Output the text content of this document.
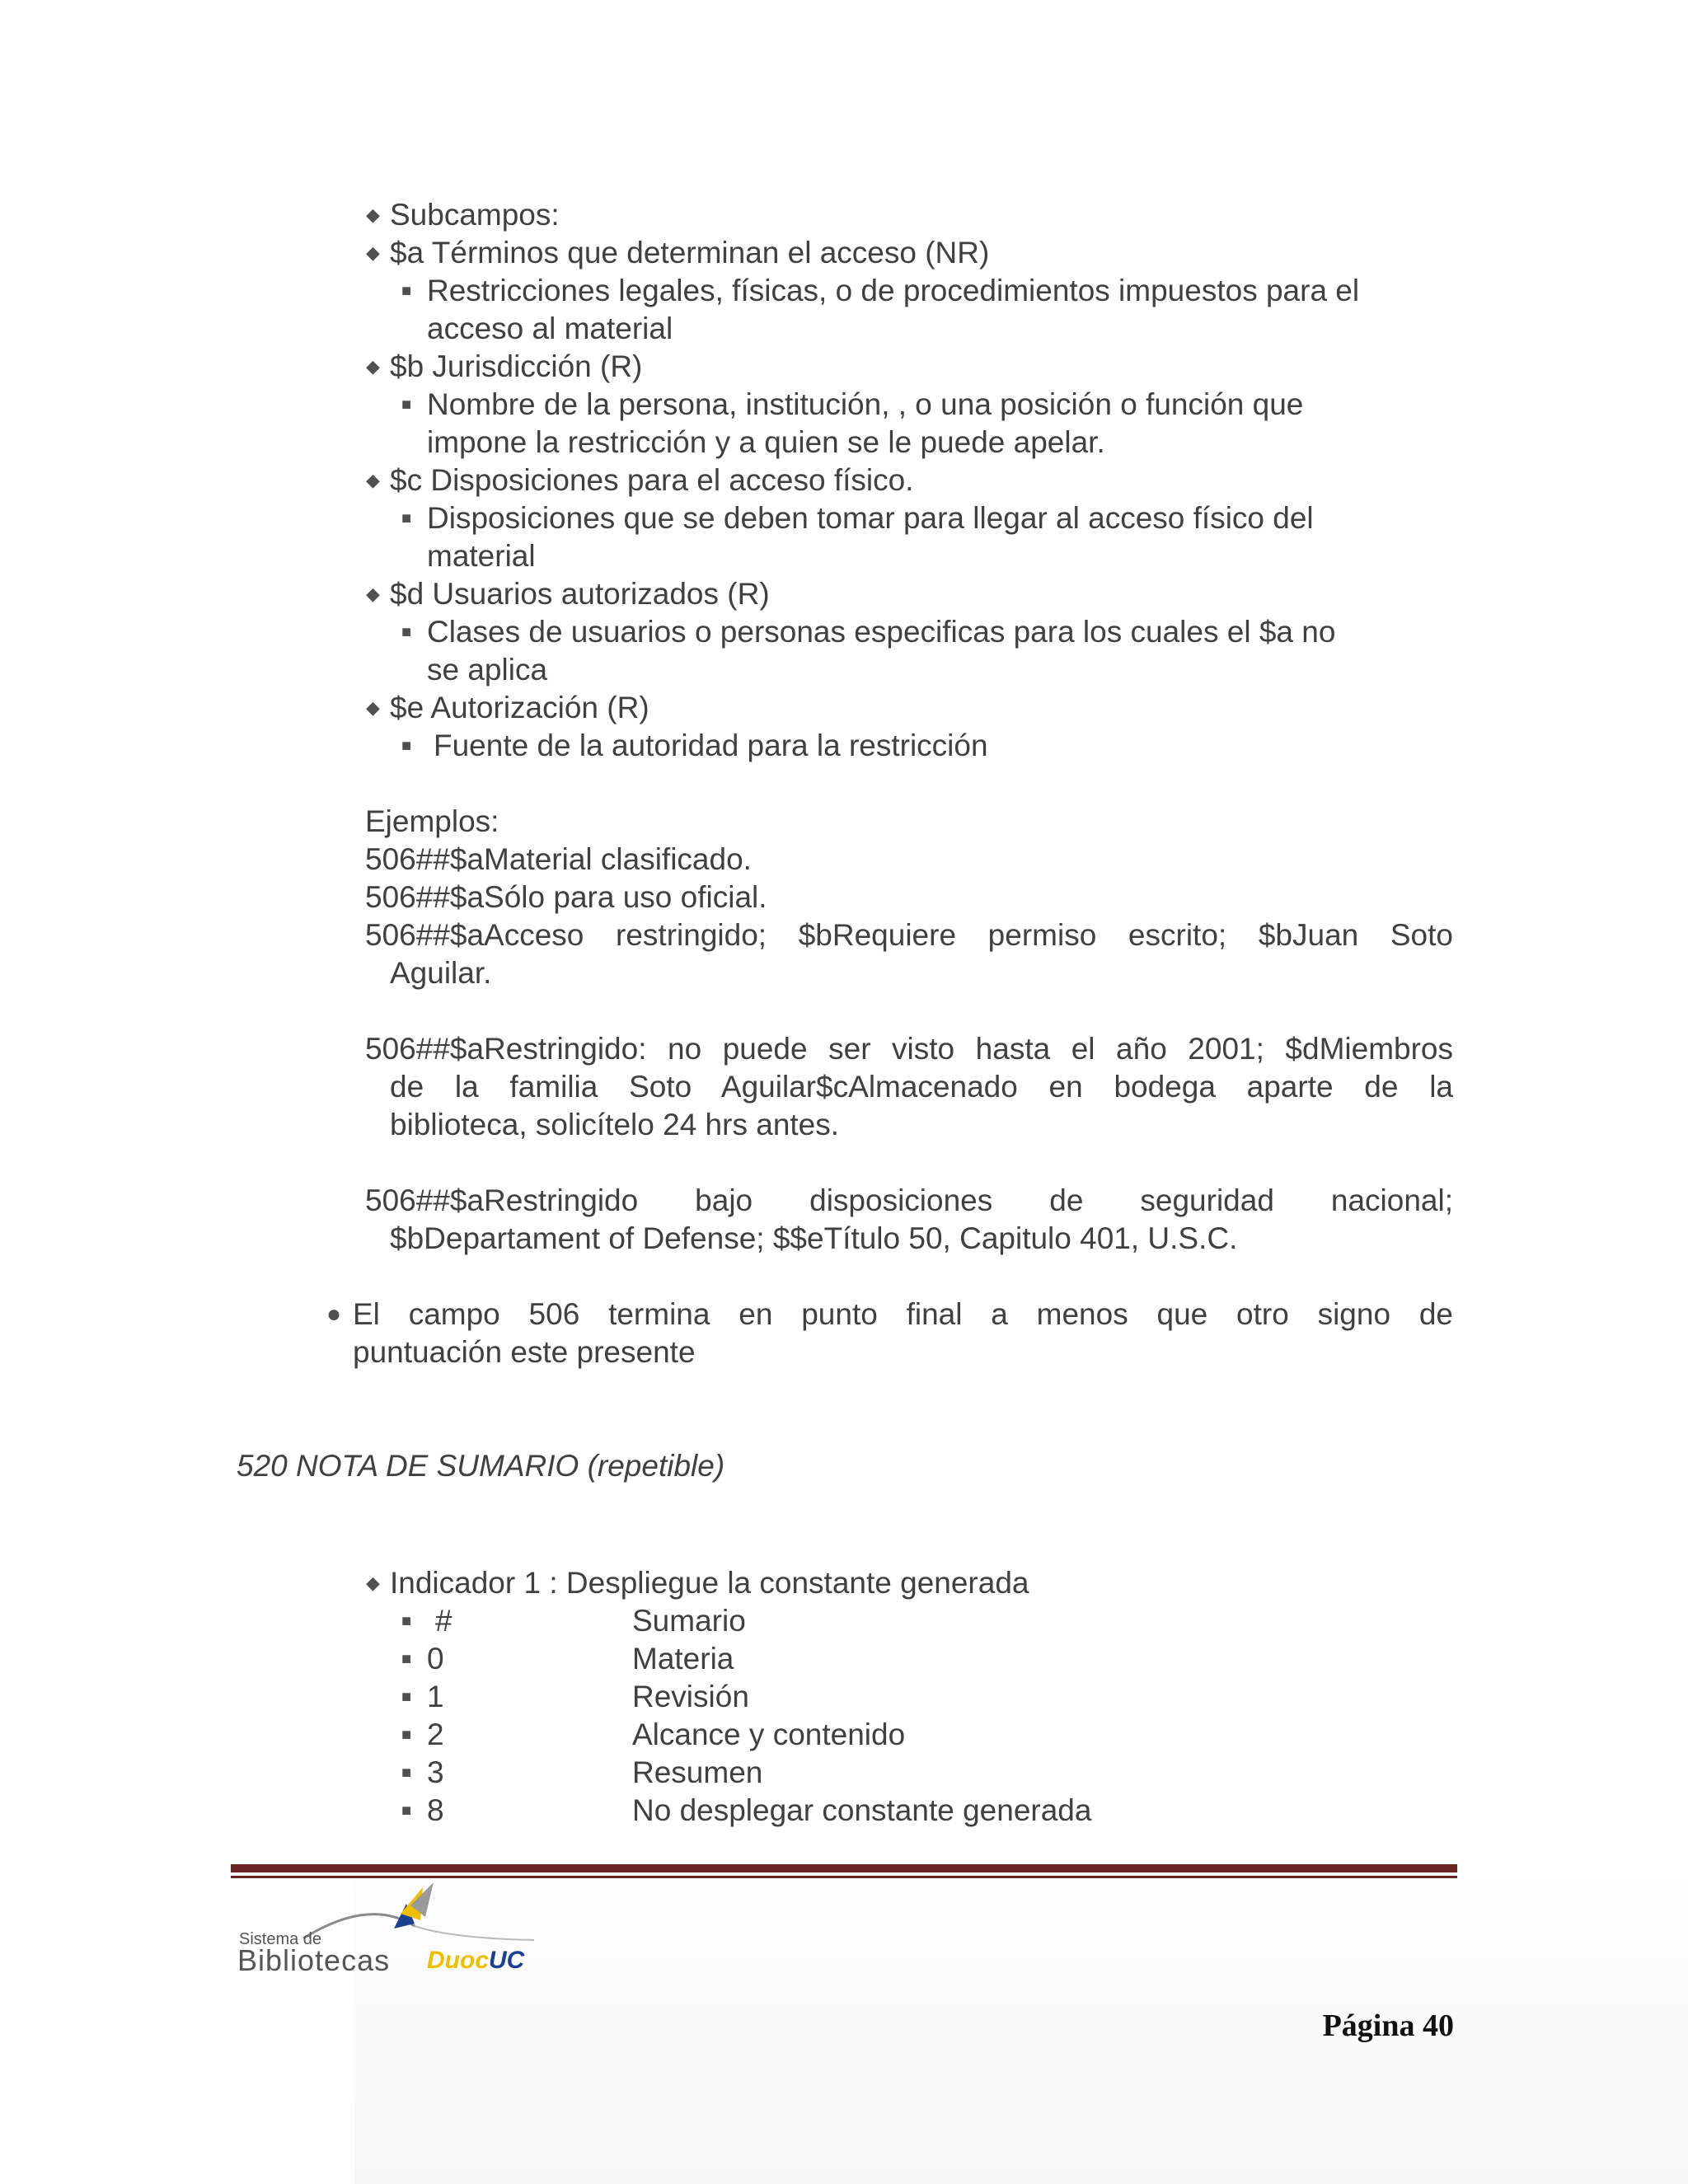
◆ Subcampos:
◆ $a Términos que determinan el acceso (NR)
■ Restricciones legales, físicas, o de procedimientos impuestos para el
acceso al material
◆ $b Jurisdicción (R)
■ Nombre de la persona, institución, , o una posición o función que
impone la restricción y a quien se le puede apelar.
◆ $c Disposiciones para el acceso físico.
■ Disposiciones que se deben tomar para llegar al acceso físico del
material
◆ $d Usuarios autorizados (R)
■ Clases de usuarios o personas especificas para los cuales el $a no
se aplica
◆ $e Autorización (R)
■ Fuente de la autoridad para la restricción
Ejemplos:
506##$aMaterial clasificado.
506##$aSólo para uso oficial.
506##$aAcceso restringido; $bRequiere permiso escrito; $bJuan Soto
Aguilar.
506##$aRestringido: no puede ser visto hasta el año 2001; $dMiembros
de la familia Soto Aguilar$cAlmacenado en bodega aparte de la
biblioteca, solicítelo 24 hrs antes.
506##$aRestringido bajo disposiciones de seguridad nacional;
$bDepartament of Defense; $$eTítulo 50, Capitulo 401, U.S.C.
● El campo 506 termina en punto final a menos que otro signo de
puntuación este presente
520 NOTA DE SUMARIO (repetible)
◆ Indicador 1 : Despliegue la constante generada
■ #	Sumario
■ 0	Materia
■ 1	Revisión
■ 2	Alcance y contenido
■ 3	Resumen
■ 8	No desplegar constante generada
Sistema de
Bibliotecas DuocUC
Página 40
